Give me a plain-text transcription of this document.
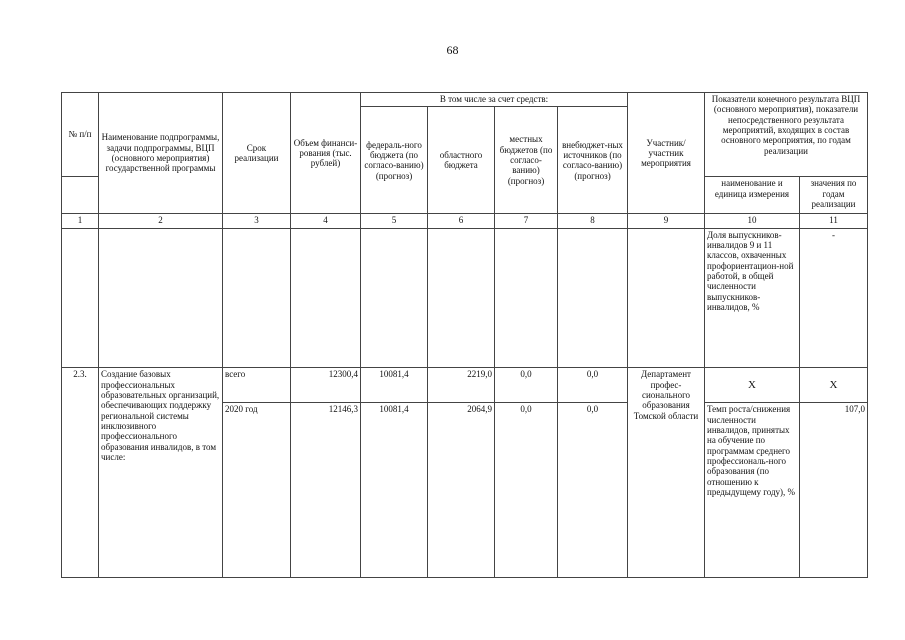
68
№ п/п	Наименование подпрограммы, задачи подпрограммы, ВЦП (основного мероприятия) государственной программы	Срок реализации	Объем финанси-рования (тыс. рублей)	В том числе за счет средств:				Участник/ участник мероприятия	Показатели конечного результата ВЦП (основного мероприятия), показатели непосредственного результата мероприятий, входящих в состав основного мероприятия, по годам реализации	
				федераль-ного бюджета (по согласо-ванию) (прогноз)	областного бюджета	местных бюджетов (по согласо-ванию) (прогноз)	внебюджет-ных источников (по согласо-ванию) (прогноз)			
									наименование и единица измерения	значения по годам реализации
1	2	3	4	5	6	7	8	9	10	11
									Доля выпускников-инвалидов 9 и 11 классов, охваченных профориентацион-ной работой, в общей численности выпускников-инвалидов, %	-
2.3.	Создание базовых профессиональных образовательных организаций, обеспечивающих поддержку региональной системы инклюзивного профессионального образования инвалидов, в том числе:	всего	12300,4	10081,4	2219,0	0,0	0,0	Департамент профес-сионального образования Томской области	Х	Х
		2020 год	12146,3	10081,4	2064,9	0,0	0,0		Темп роста/снижения численности инвалидов, принятых на обучение по программам среднего профессиональ-ного образования (по отношению к предыдущему году), %	107,0
